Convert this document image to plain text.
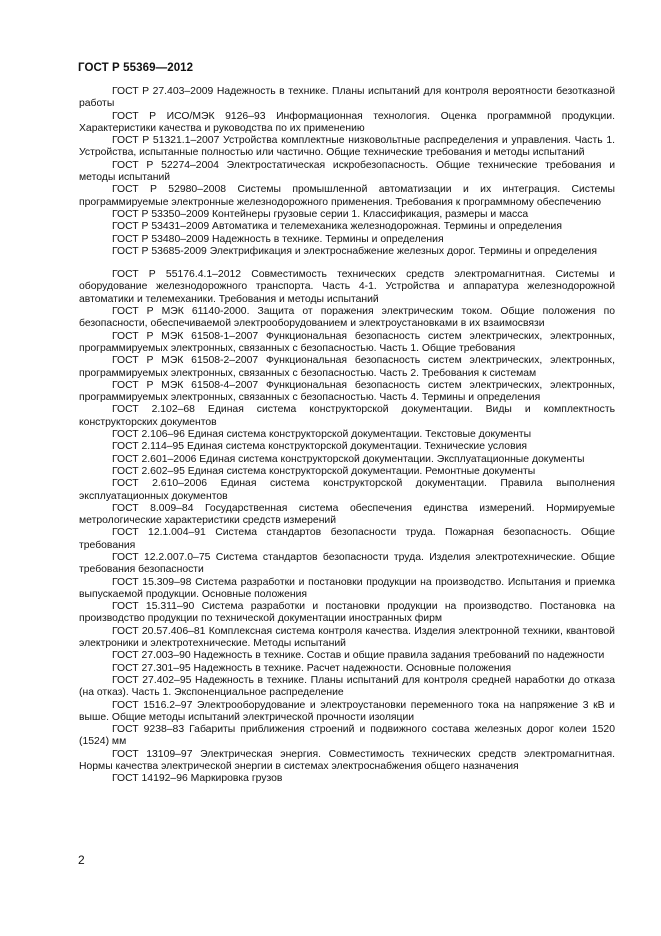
ГОСТ Р 55369—2012

ГОСТ Р 27.403–2009 Надежность в технике. Планы испытаний для контроля вероятности безотказной работы

ГОСТ Р ИСО/МЭК 9126–93 Информационная технология. Оценка программной продукции. Характеристики качества и руководства по их применению

ГОСТ Р 51321.1–2007 Устройства комплектные низковольтные распределения и управления. Часть 1. Устройства, испытанные полностью или частично. Общие технические требования и методы испытаний

ГОСТ Р 52274–2004 Электростатическая искробезопасность. Общие технические требования и методы испытаний

ГОСТ Р 52980–2008 Системы промышленной автоматизации и их интеграция. Системы программируемые электронные железнодорожного применения. Требования к программному обеспечению

ГОСТ Р 53350–2009 Контейнеры грузовые серии 1. Классификация, размеры и масса

ГОСТ Р 53431–2009 Автоматика и телемеханика железнодорожная. Термины и определения

ГОСТ Р 53480–2009 Надежность в технике. Термины и определения

ГОСТ Р 53685-2009 Электрификация и электроснабжение железных дорог. Термины и определения

ГОСТ Р 55176.4.1–2012 Совместимость технических средств электромагнитная. Системы и оборудование железнодорожного транспорта. Часть 4-1. Устройства и аппаратура железнодорожной автоматики и телемеханики. Требования и методы испытаний

ГОСТ Р МЭК 61140-2000. Защита от поражения электрическим током. Общие положения по безопасности, обеспечиваемой электрооборудованием и электроустановками в их взаимосвязи

ГОСТ Р МЭК 61508-1–2007 Функциональная безопасность систем электрических, электронных, программируемых электронных, связанных с безопасностью. Часть 1. Общие требования

ГОСТ Р МЭК 61508-2–2007 Функциональная безопасность систем электрических, электронных, программируемых электронных, связанных с безопасностью. Часть 2. Требования к системам

ГОСТ Р МЭК 61508-4–2007 Функциональная безопасность систем электрических, электронных, программируемых электронных, связанных с безопасностью. Часть 4. Термины и определения

ГОСТ 2.102–68 Единая система конструкторской документации. Виды и комплектность конструкторских документов

ГОСТ 2.106–96 Единая система конструкторской документации. Текстовые документы

ГОСТ 2.114–95 Единая система конструкторской документации. Технические условия

ГОСТ 2.601–2006 Единая система конструкторской документации. Эксплуатационные документы

ГОСТ 2.602–95 Единая система конструкторской документации. Ремонтные документы

ГОСТ 2.610–2006 Единая система конструкторской документации. Правила выполнения эксплуатационных документов

ГОСТ 8.009–84 Государственная система обеспечения единства измерений. Нормируемые метрологические характеристики средств измерений

ГОСТ 12.1.004–91 Система стандартов безопасности труда. Пожарная безопасность. Общие требования

ГОСТ 12.2.007.0–75 Система стандартов безопасности труда. Изделия электротехнические. Общие требования безопасности

ГОСТ 15.309–98 Система разработки и постановки продукции на производство. Испытания и приемка выпускаемой продукции. Основные положения

ГОСТ 15.311–90 Система разработки и постановки продукции на производство. Постановка на производство продукции по технической документации иностранных фирм

ГОСТ 20.57.406–81 Комплексная система контроля качества. Изделия электронной техники, квантовой электроники и электротехнические. Методы испытаний

ГОСТ 27.003–90 Надежность в технике. Состав и общие правила задания требований по надежности

ГОСТ 27.301–95 Надежность в технике. Расчет надежности. Основные положения

ГОСТ 27.402–95 Надежность в технике. Планы испытаний для контроля средней наработки до отказа (на отказ). Часть 1. Экспоненциальное распределение

ГОСТ 1516.2–97 Электрооборудование и электроустановки переменного тока на напряжение 3 кВ и выше. Общие методы испытаний электрической прочности изоляции

ГОСТ 9238–83 Габариты приближения строений и подвижного состава железных дорог колеи 1520 (1524) мм

ГОСТ 13109–97 Электрическая энергия. Совместимость технических средств электромагнитная. Нормы качества электрической энергии в системах электроснабжения общего назначения

ГОСТ 14192–96 Маркировка грузов

2
